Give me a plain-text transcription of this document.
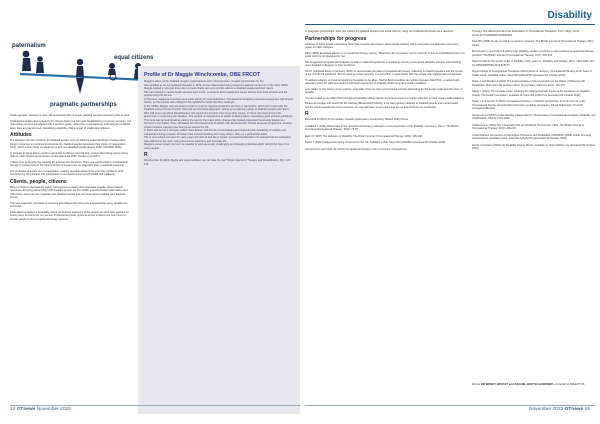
Disability
paternalism
equal citizens
pragmatic partnerships

health services, recovery is often still associated with no longer needing services and being able to work.

Professional beliefs about capacity for change determine who gets rehabilitation or recovery services. Yet, often these services are aligned with a person's goals, rather than organisational, professional or political aims, lives are transformed. Questioning eligibility criteria is part of challenging ableism.

Attitudes

Our attitudes can form a barrier for disabled people, such as different understandings of independent living in response to restricted institutional life, disabled people demanded their vision of independent living: which means living on equal terms with non-disabled people (Evans 2002, UNCRPD 2006).

In contrast to being able to perform occupations without practical help, independent living means being able to make choices and exercise control (Hammell 2006, Tamaru et al 2007).

It takes time to develop the capacity for autonomous decisions. There are opportunities in occupational therapy to explore how to live when practice is based more on pragmatic than procedural reasoning.

Our professional origins are in pragmatism: seeking practical solutions for everyday problems while remembering the principle that participation in occupations can benefit health and wellbeing.

Clients, people, citizens

Being a citizen is the basis for equity; belonging to a society that negotiates together about shared resources. Evolving partnerships with disabled people are the middle ground between paternalism and citizenship, where we can negotiate with disabled people and be honest about realities (see diagram above).

If we are pragmatic, principles of recovery and independent living are interpreted for every situation we encounter.

Paternalism is always a possibility, where we limit the autonomy of the people we work with, perhaps by seeing them as clients for our service. Professional power grows as scope to determine how much to involve people in the occupational therapy process.

Profile of Dr Maggie Winchcombe, OBE FRCOT

Maggie's allies, at the disabled people's organisations and in local services, created opportunities for her.

She qualified as an occupational therapist in 1973. As the independent living movement gained momentum in the early 1980s, Maggie started a new part-time role in a local charity, set up to provide advice to disabled people and their carers.

She had worked in mental health services prior to this, so learned about equipment issues directly from local activists and the people using the service.

At that time, equipment services were a low priority for local authorities. Occupational therapists prescribed equipment with limited choice, so that people were obliged to feel grateful for what help they could get.

In the 1990s, Maggie was seconded to work to improve regional equipment services in Hampshire, which led to work with the Disabled Living Centres Council. She took an innovative approach, setting up an advisory group of disabled people and carers.

MPs had more real about dissatisfaction with equipment services than most other issues, so there was interest from the government in improving the situation. She worked on Department of Health funded projects, developing good practice guidelines.

This work was ground-breaking, paving the way for the major policy change that created Integrated Community Equipment Services in the 2000s. Then, still based with the Department of Health, she developed the Trusted Assessor programme. Another project involved mapping user-led groups across the UK.

In 2004, she set up a company called Years Ahead, with the aim of normalising and improving the availability of mobility and independent living products. All these roles involved working with many others, often on a partnership basis.

She is now retired and says for many years she did not feel like a 'proper' occupational therapist, but realised that the profession was reflected in her work, being focused on autonomy and everyday life.

Maggie's career shows us how it is possible to work as an ally, challenging and changing practices which restrict the lives of so many people.

R

Winchcombe M (2021) Rights and responsibilities: we can take the risk? British Journal of Therapy and Rehabilitation, 8(6): 125-125.

In pragmatic partnerships, there are spaces for disabled people to be equal citizens, using our professional powers as a resource.

Partnerships for progress

Histories of rights-based movements show that progress can happen when people seeking equity and power are listened to and given power to make changes.

Klein (1996) described ableism in occupational therapy, saying: 'What they did not prepare me for was how to live as a disabled person in a world which is not designed for me.'

She suggested occupational therapists be allies in addressing barriers in society by learning more about disability activism and including more disabled colleagues in their workforce.

RCOT published Roots of recovery (2021) to demonstrate the value of occupational therapy, reflecting on health inequities and the impact of the COVID-19 pandemic. But we need to ensure recovery is a joint effort, in partnership with the people who engage with our services.

To address ableism and ask occupational therapists to be allies, Rachel Booth-Gardiner and others founded AbleOTUK, a network and advocacy group for staff and students with lived experience of disability and/or long term health conditions.

Let's reflect on the history of our practice, especially when we have encountered activists advocating for the social model and the voice of equality.

You are invited to join AbleOTUK throughout Disability History Month via shared content to inspire reflection on their social media platforms.

Please do engage and search for the hashtag #BeAnAbleOTUKAlly. It we have spoken carefully to disabled people and mental health service users' experiences of our services, we may well have some voices that do not feel heard by our profession.

R

Beresford P (2015) All our welfare: towards participatory social policy. Bristol: Policy Press.

Craddock J (1996) Responses of the occupational therapy profession to the perspective of the disability movement, Part 2. The British Journal of Occupational Therapy, 59(2): 73-78.

Eakin P (1997) The definition of disability. The British Journal of Occupational Therapy, 48(6): 165-168.

Evans J (2002) Independent living movement in the UK. Available online: https://bit.ly/3ttxB5u [accessed 26 October 2022]

Kinmance KJ and Chick JR (1973) Occupational therapy in the community. Occupational

Therapy: The official journal of the Association of Occupational Therapists, 1973, 36(2): 33-37. doi:10.1177/030802267303600204

Klein BS (1996) An ally as well as a partner in practice. The British Journal of Occupational Therapy, 59(1): 23-24.

McCormack C and Collins B (2013) Can disability studies contribute to client-centred occupational therapy practice? The British Journal of Occupational Therapy, 72(7): 339-342.

Oliver M (2013) The social model of disability: thirty years on. Disability and Society, 28(7): 1024-1026. doi: 10.1080/09687599.2013.818773

Royal College of Occupational Therapists (2021) Roots of recovery: Occupational therapy at the heart of health equity. Available online: https://bit.ly/3hwWYD [accessed 26 October 2022]

Rubio J and Woulles A (2021) The implementation of the Convention on the Rights of Persons with Disabilities: More than just another reform of psychiatry. 2020 Jun 22(1): 161-170.

Sapey L (2021) The forgotten crisis: exploring the disproportionate impact of the pandemic on disabled people. The Health Foundation. Available at: https://bit.ly/3FcVUV [accessed 26 October 2022]

Swain J and French S (2010) Occupational therapy: a disability perspective. In Curtin M et al. (eds) Occupational therapy and physical dysfunction enabling occupation, 6th ed. Edinburgh: Churchill Livingstone/Elsevier.

Tamaru A et al (2007) Understanding 'independence': Perspectives of occupational therapists. Disability and rehabilitation, 29(13): 1021-1033.

Underwood C (1991) The Chronically Sick and Disabled Persons Act, 1970. The British Journal of Occupational Therapy, 54(6): 208-210.

United Nations Convention on the Rights of Persons with Disabilities (UNCRPD) (2006) Article 19 Living independently. Available online: https://bit.ly/3gTgYKg [accessed 26 October 2022]

World of Inclusion (2022) UK Disability History Month. Available at: https://ukdhm.org [accessed 26 October 2022]

Words DR WENDY BRYANT and RACHEL BOOTH-GARDINER, on behalf of ABLEOTUK
14 OTnews November 2022	November 2022 OTnews 15
